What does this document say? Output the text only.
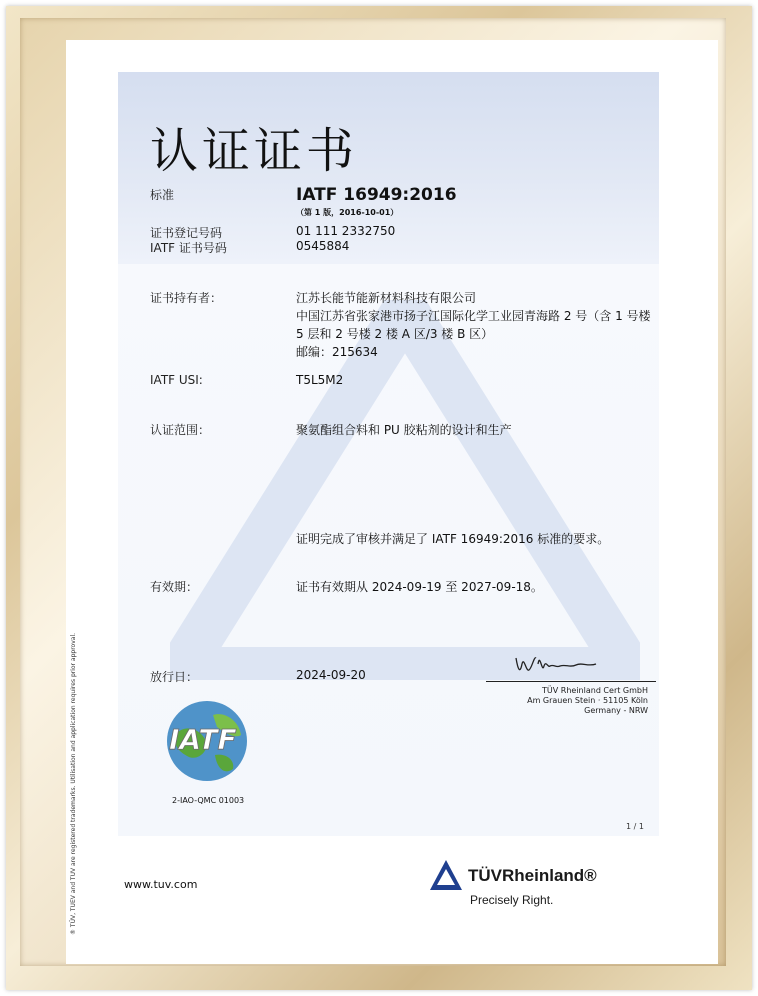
认证证书
标准	IATF 16949:2016
（第 1 版，2016-10-01）
证书登记号码	01 111 2332750
IATF 证书号码	0545884
证书持有者：	江苏长能节能新材料科技有限公司
中国江苏省张家港市扬子江国际化学工业园青海路 2 号（含 1 号楼
5 层和 2 号楼 2 楼 A 区/3 楼 B 区）
邮编：215634
IATF USI:	T5L5M2
认证范围：	聚氨酯组合料和 PU 胶粘剂的设计和生产
证明完成了审核并满足了 IATF 16949:2016 标准的要求。
有效期：	证书有效期从 2024-09-19 至 2027-09-18。
放行日：	2024-09-20
TÜV Rheinland Cert GmbH
Am Grauen Stein · 51105 Köln
Germany - NRW
IATF
2-IAO-QMC 01003
1 / 1
www.tuv.com	TÜVRheinland®
Precisely Right.
® TÜV, TUEV and TUV are registered trademarks. Utilisation and application requires prior approval.
